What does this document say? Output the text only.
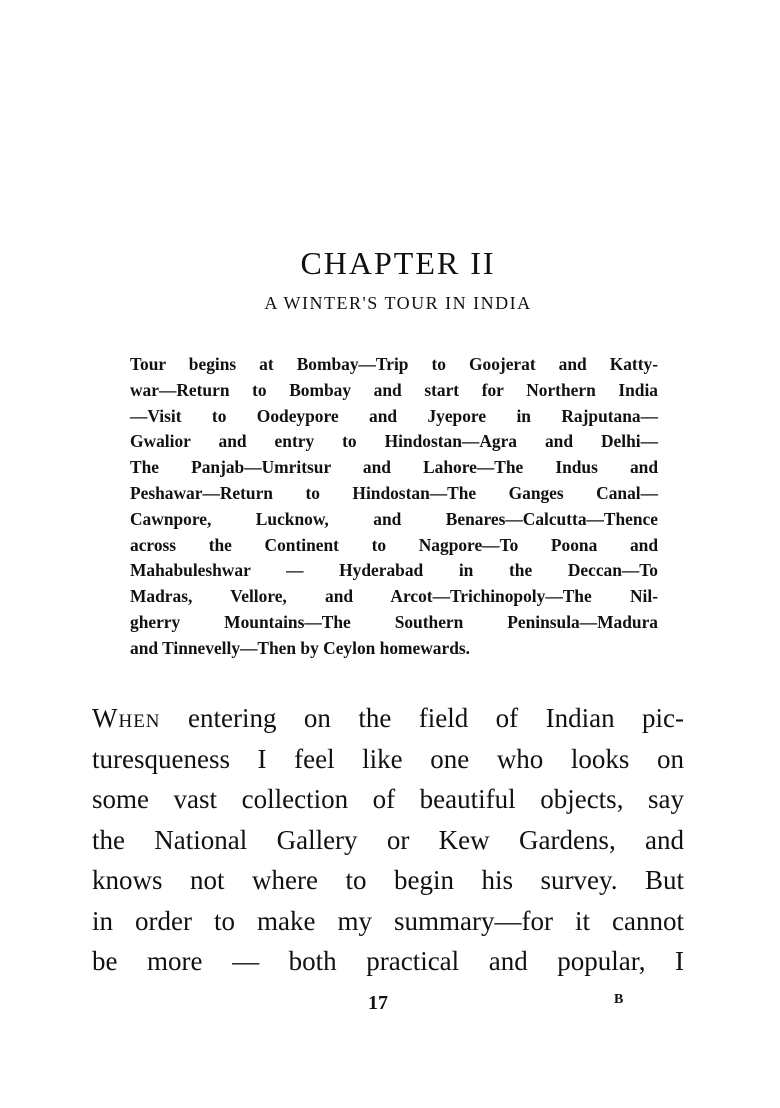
CHAPTER II
A WINTER'S TOUR IN INDIA
Tour begins at Bombay—Trip to Goojerat and Katty-
war—Return to Bombay and start for Northern India
—Visit to Oodeypore and Jyepore in Rajputana—
Gwalior and entry to Hindostan—Agra and Delhi—
The Panjab—Umritsur and Lahore—The Indus and
Peshawar—Return to Hindostan—The Ganges Canal—
Cawnpore, Lucknow, and Benares—Calcutta—Thence
across the Continent to Nagpore—To Poona and
Mahabuleshwar — Hyderabad in the Deccan—To
Madras, Vellore, and Arcot—Trichinopoly—The Nil-
gherry Mountains—The Southern Peninsula—Madura
and Tinnevelly—Then by Ceylon homewards.
When entering on the field of Indian pic-
turesqueness I feel like one who looks on
some vast collection of beautiful objects, say
the National Gallery or Kew Gardens, and
knows not where to begin his survey. But
in order to make my summary—for it cannot
be more — both practical and popular, I
17	B
